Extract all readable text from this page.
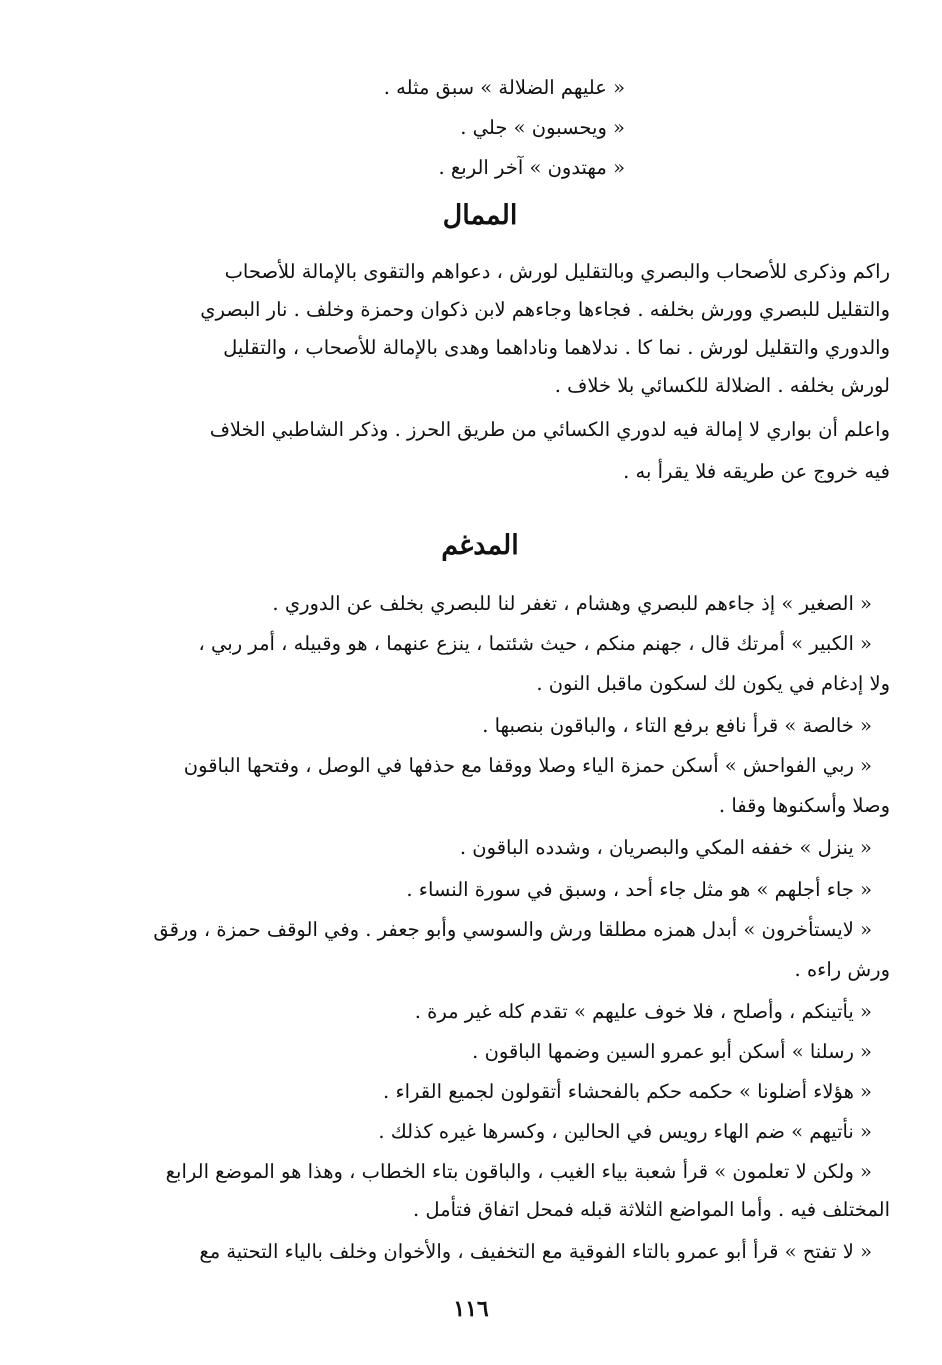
« عليهم الضلالة » سبق مثله .
« ويحسبون » جلي .
« مهتدون » آخر الربع .
الممال
راكم وذكرى للأصحاب والبصري وبالتقليل لورش ، دعواهم والتقوى بالإمالة للأصحاب
والتقليل للبصري وورش بخلفه . فجاءها وجاءهم لابن ذكوان وحمزة وخلف . نار البصري
والدوري والتقليل لورش . نما كا . ندلاهما وناداهما وهدى بالإمالة للأصحاب ، والتقليل
لورش بخلفه . الضلالة للكسائي بلا خلاف .
واعلم أن بواري لا إمالة فيه لدوري الكسائي من طريق الحرز . وذكر الشاطبي الخلاف
فيه خروج عن طريقه فلا يقرأ به .
المدغم
« الصغير » إذ جاءهم للبصري وهشام ، تغفر لنا للبصري بخلف عن الدوري .
« الكبير » أمرتك قال ، جهنم منكم ، حيث شئتما ، ينزع عنهما ، هو وقبيله ، أمر ربي ،
ولا إدغام في يكون لك لسكون ماقبل النون .
« خالصة » قرأ نافع برفع التاء ، والباقون بنصبها .
« ربي الفواحش » أسكن حمزة الياء وصلا ووقفا مع حذفها في الوصل ، وفتحها الباقون
وصلا وأسكنوها وقفا .
« ينزل » خففه المكي والبصريان ، وشدده الباقون .
« جاء أجلهم » هو مثل جاء أحد ، وسبق في سورة النساء .
« لايستأخرون » أبدل همزه مطلقا ورش والسوسي وأبو جعفر . وفي الوقف حمزة ، ورقق
ورش راءه .
« يأتينكم ، وأصلح ، فلا خوف عليهم » تقدم كله غير مرة .
« رسلنا » أسكن أبو عمرو السين وضمها الباقون .
« هؤلاء أضلونا » حكمه حكم بالفحشاء أتقولون لجميع القراء .
« نأتيهم » ضم الهاء رويس في الحالين ، وكسرها غيره كذلك .
« ولكن لا تعلمون » قرأ شعبة بياء الغيب ، والباقون بتاء الخطاب ، وهذا هو الموضع الرابع
المختلف فيه . وأما المواضع الثلاثة قبله فمحل اتفاق فتأمل .
« لا تفتح » قرأ أبو عمرو بالتاء الفوقية مع التخفيف ، والأخوان وخلف بالياء التحتية مع
١١٦
